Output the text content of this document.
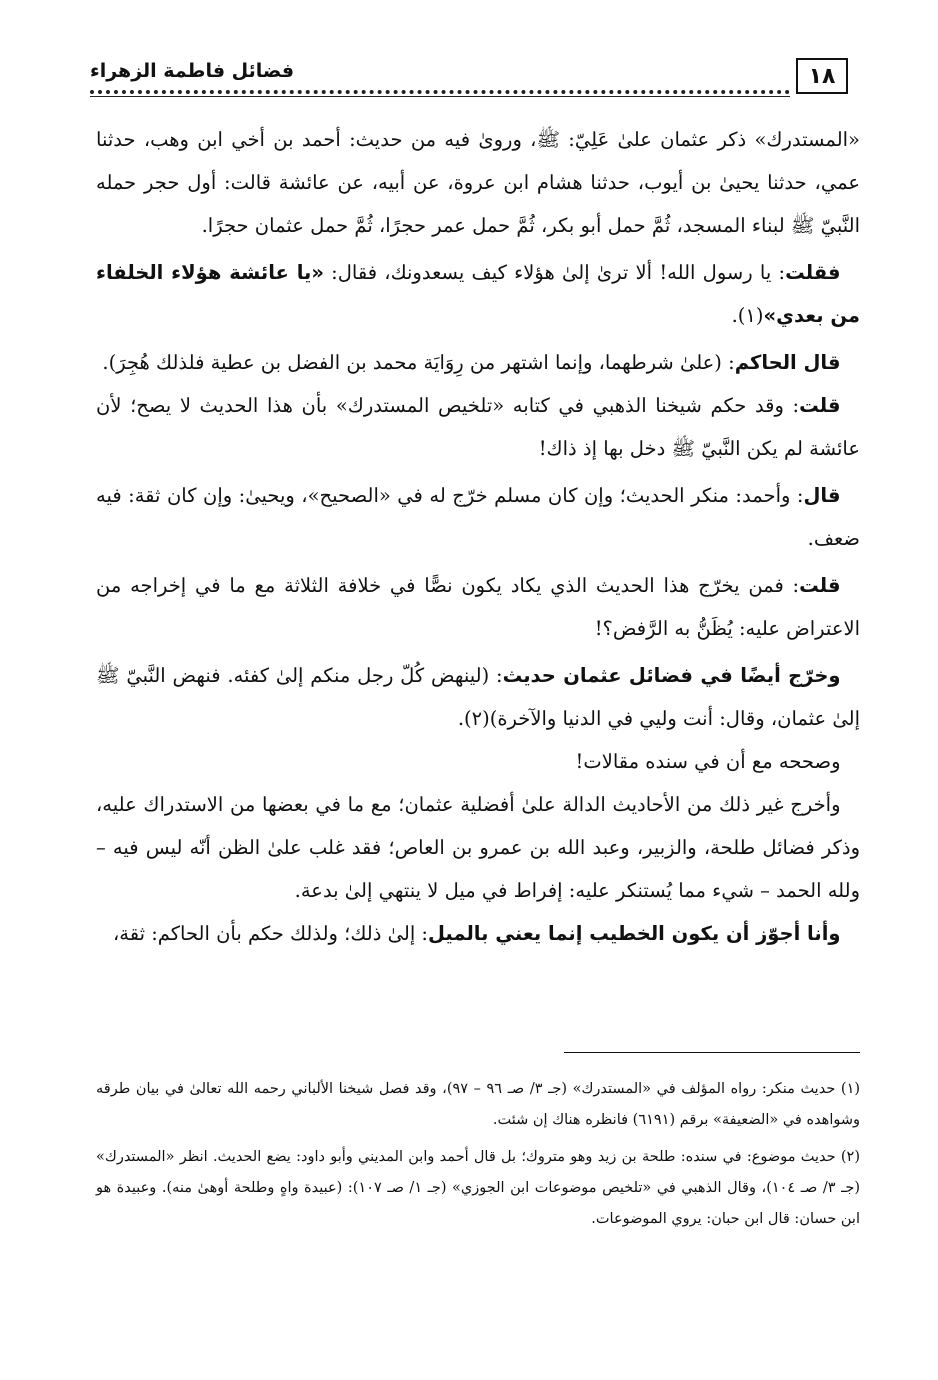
١٨
فضائل فاطمة الزهراء

«المستدرك» ذكر عثمان علىٰ عَلِيّ: ﷺ، وروىٰ فيه من حديث: أحمد بن أخي ابن وهب، حدثنا عمي، حدثنا يحيىٰ بن أيوب، حدثنا هشام ابن عروة، عن أبيه، عن عائشة قالت: أول حجر حمله النَّبيّ ﷺ لبناء المسجد، ثُمَّ حمل أبو بكر، ثُمَّ حمل عمر حجرًا، ثُمَّ حمل عثمان حجرًا.

 فقلت: يا رسول الله! ألا ترىٰ إلىٰ هؤلاء كيف يسعدونك، فقال: «يا عائشة هؤلاء الخلفاء من بعدي»(١).

 قال الحاكم: (علىٰ شرطهما، وإنما اشتهر من رِوَايَة محمد بن الفضل بن عطية فلذلك هُجِرَ).

 قلت: وقد حكم شيخنا الذهبي في كتابه «تلخيص المستدرك» بأن هذا الحديث لا يصح؛ لأن عائشة لم يكن النَّبيّ ﷺ دخل بها إذ ذاك!

 قال: وأحمد: منكر الحديث؛ وإن كان مسلم خرّج له في «الصحيح»، ويحيىٰ: وإن كان ثقة: فيه ضعف.

 قلت: فمن يخرّج هذا الحديث الذي يكاد يكون نصًّا في خلافة الثلاثة مع ما في إخراجه من الاعتراض عليه: يُظَنُّ به الرَّفض؟!

 وخرّج أيضًا في فضائل عثمان حديث: (لينهض كُلّ رجل منكم إلىٰ كفئه. فنهض النَّبيّ ﷺ إلىٰ عثمان، وقال: أنت وليي في الدنيا والآخرة)(٢).

 وصححه مع أن في سنده مقالات!

 وأخرج غير ذلك من الأحاديث الدالة علىٰ أفضلية عثمان؛ مع ما في بعضها من الاستدراك عليه، وذكر فضائل طلحة، والزبير، وعبد الله بن عمرو بن العاص؛ فقد غلب علىٰ الظن أنّه ليس فيه – ولله الحمد – شيء مما يُستنكر عليه: إفراط في ميل لا ينتهي إلىٰ بدعة.

 وأنا أجوّز أن يكون الخطيب إنما يعني بالميل: إلىٰ ذلك؛ ولذلك حكم بأن الحاكم: ثقة،

(١) حديث منكر: رواه المؤلف في «المستدرك» (جـ ٣/ صـ ٩٦ – ٩٧)، وقد فصل شيخنا الألباني رحمه الله تعالىٰ في بيان طرقه وشواهده في «الضعيفة» برقم (٦١٩١) فانظره هناك إن شئت.

(٢) حديث موضوع: في سنده: طلحة بن زيد وهو متروك؛ بل قال أحمد وابن المديني وأبو داود: يضع الحديث. انظر «المستدرك» (جـ ٣/ صـ ١٠٤)، وقال الذهبي في «تلخيص موضوعات ابن الجوزي» (جـ ١/ صـ ١٠٧): (عبيدة واهٍ وطلحة أوهىٰ منه). وعبيدة هو ابن حسان: قال ابن حبان: يروي الموضوعات.
